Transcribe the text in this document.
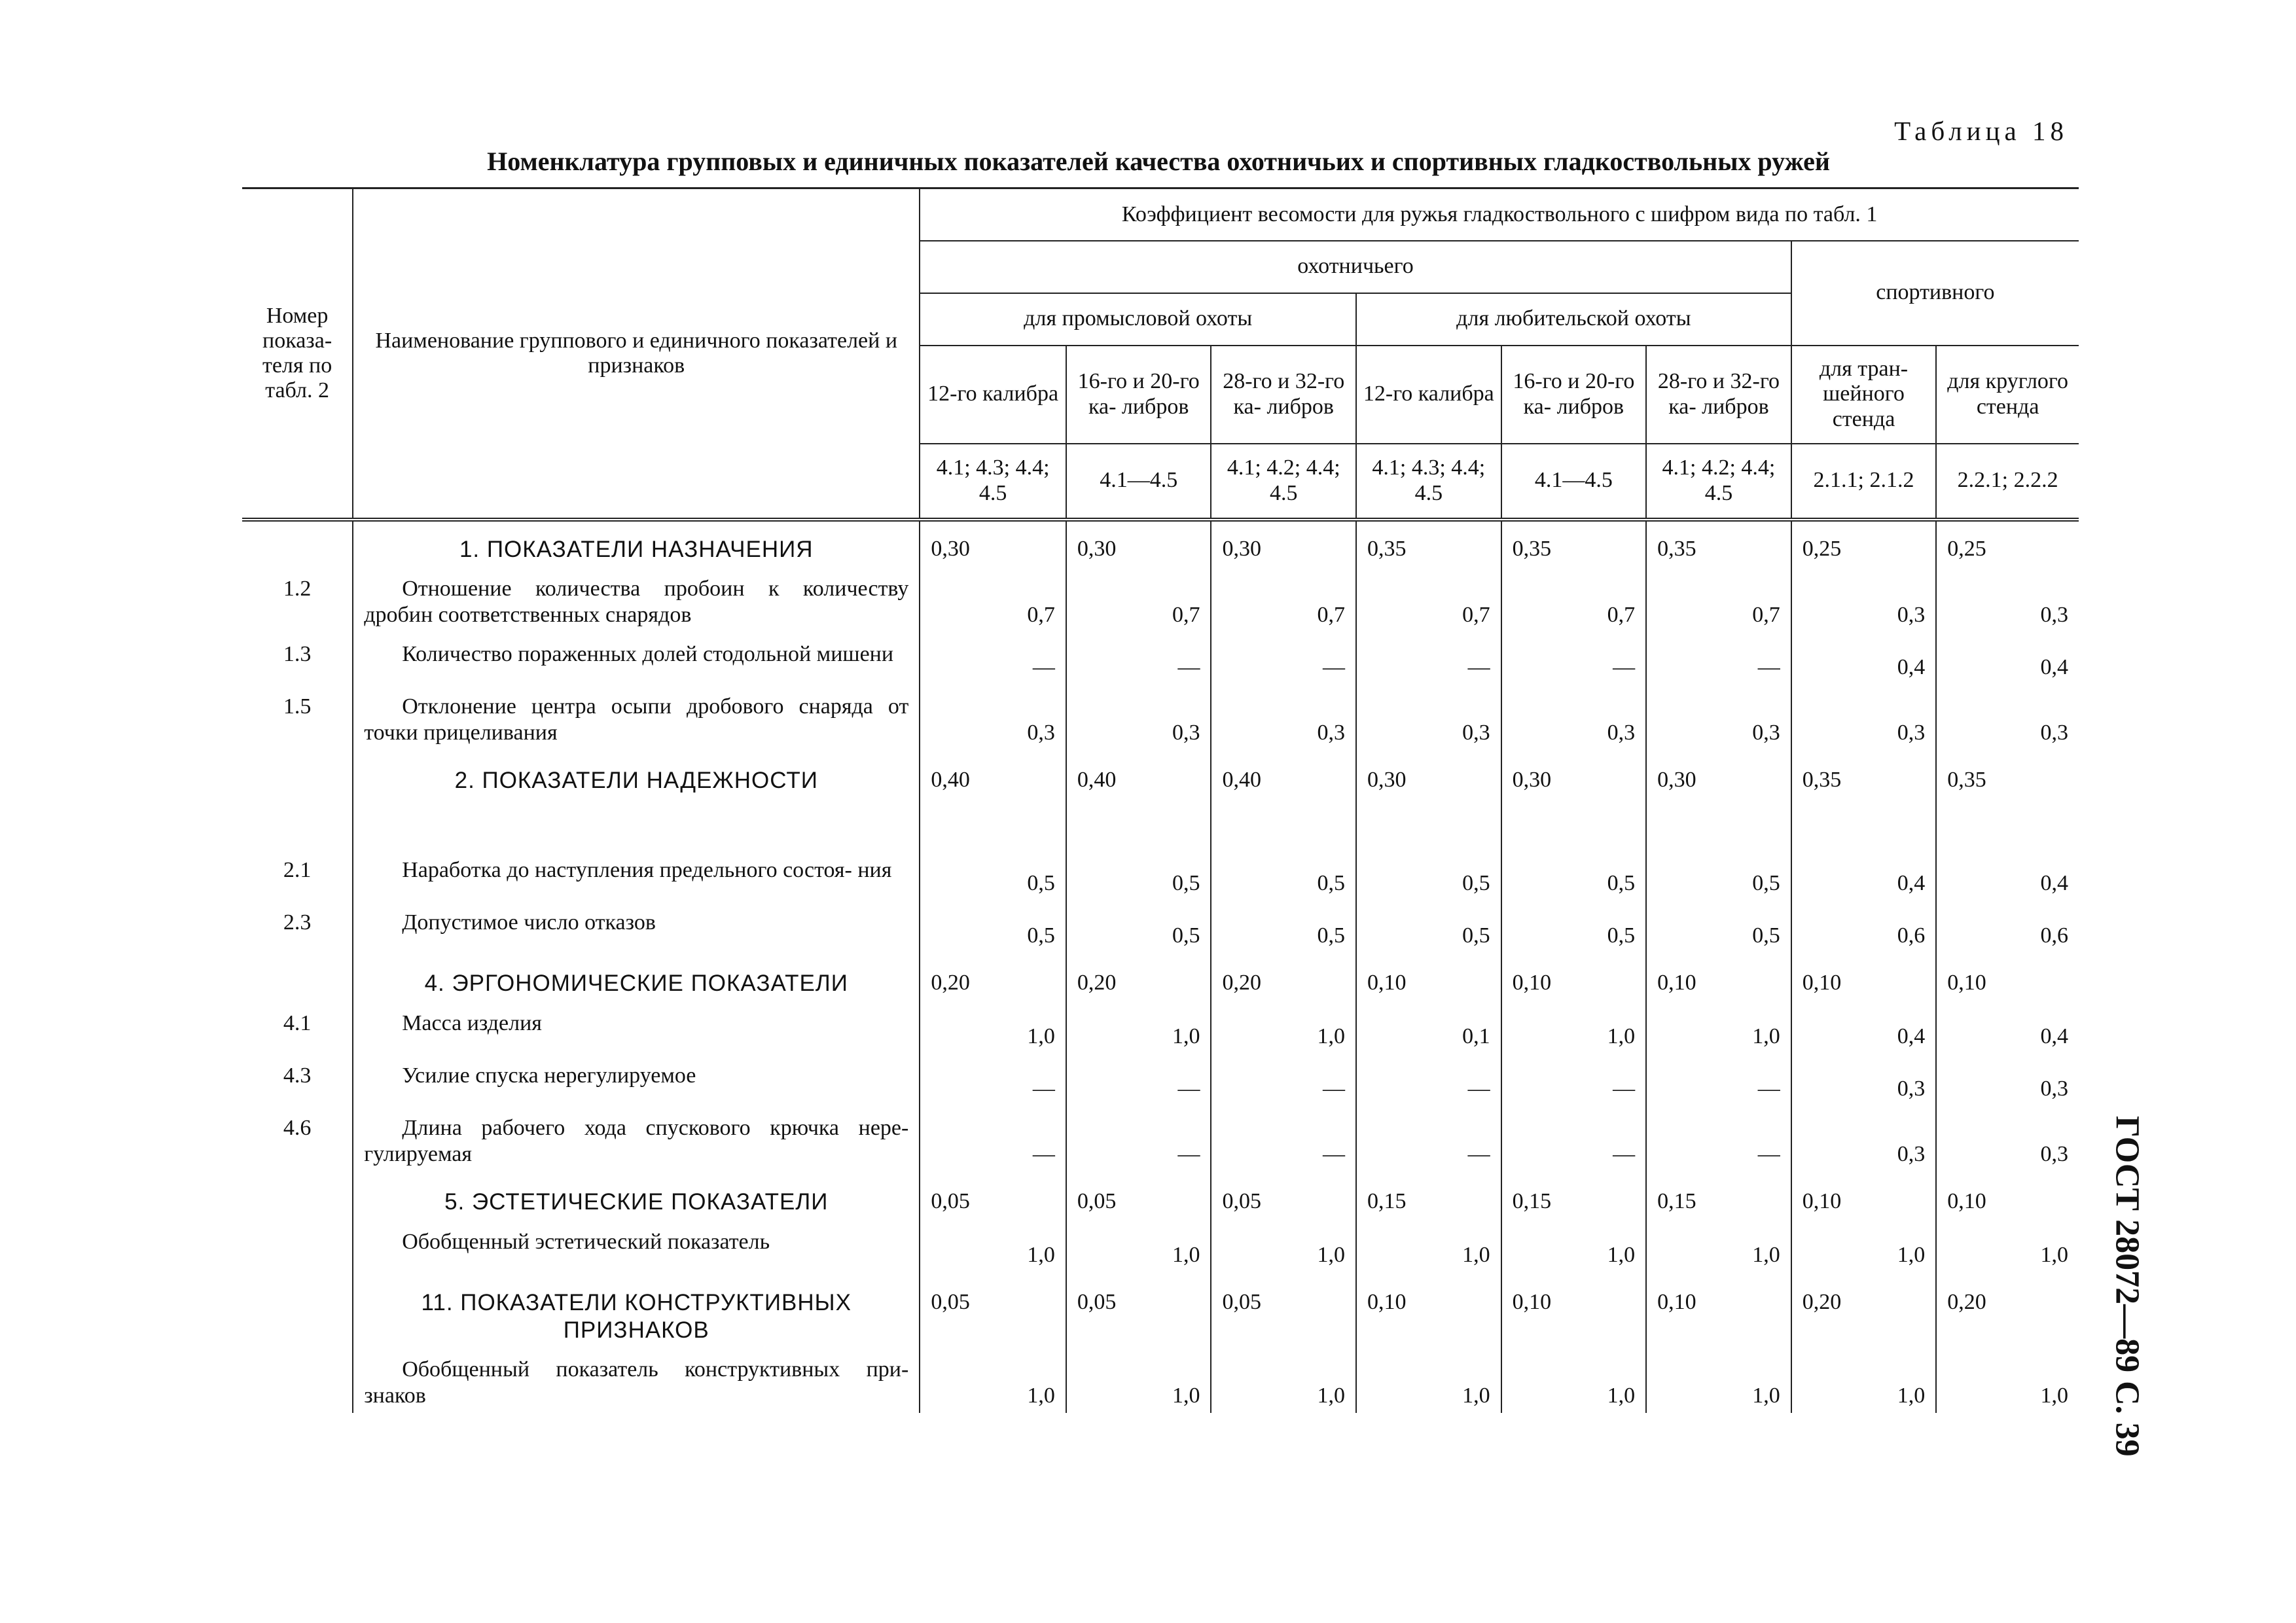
Таблица 18
Номенклатура групповых и единичных показателей качества охотничьих и спортивных гладкоствольных ружей
ГОСТ 28072—89 С. 39
Номер показа- теля по табл. 2	Наименование группового и единичного показателей и признаков	Коэффициент весомости для ружья гладкоствольного с шифром вида по табл. 1							
		охотничьего						спортивного	
		для промысловой охоты			для любительской охоты				
		12-го калибра	16-го и 20-го ка- либров	28-го и 32-го ка- либров	12-го калибра	16-го и 20-го ка- либров	28-го и 32-го ка- либров	для тран- шейного стенда	для круглого стенда
		4.1; 4.3; 4.4; 4.5	4.1—4.5	4.1; 4.2; 4.4; 4.5	4.1; 4.3; 4.4; 4.5	4.1—4.5	4.1; 4.2; 4.4; 4.5	2.1.1; 2.1.2	2.2.1; 2.2.2
	1. ПОКАЗАТЕЛИ НАЗНАЧЕНИЯ	0,30	0,30	0,30	0,35	0,35	0,35	0,25	0,25
1.2	Отношение количества пробоин к количеству дробин соответственных снарядов	0,7	0,7	0,7	0,7	0,7	0,7	0,3	0,3
1.3	Количество пораженных долей стодольной мишени	—	—	—	—	—	—	0,4	0,4
1.5	Отклонение центра осыпи дробового снаряда от точки прицеливания	0,3	0,3	0,3	0,3	0,3	0,3	0,3	0,3
	2. ПОКАЗАТЕЛИ НАДЕЖНОСТИ	0,40	0,40	0,40	0,30	0,30	0,30	0,35	0,35
2.1	Наработка до наступления предельного состоя- ния	0,5	0,5	0,5	0,5	0,5	0,5	0,4	0,4
2.3	Допустимое число отказов	0,5	0,5	0,5	0,5	0,5	0,5	0,6	0,6
	4. ЭРГОНОМИЧЕСКИЕ ПОКАЗАТЕЛИ	0,20	0,20	0,20	0,10	0,10	0,10	0,10	0,10
4.1	Масса изделия	1,0	1,0	1,0	0,1	1,0	1,0	0,4	0,4
4.3	Усилие спуска нерегулируемое	—	—	—	—	—	—	0,3	0,3
4.6	Длина рабочего хода спускового крючка нере- гулируемая	—	—	—	—	—	—	0,3	0,3
	5. ЭСТЕТИЧЕСКИЕ ПОКАЗАТЕЛИ	0,05	0,05	0,05	0,15	0,15	0,15	0,10	0,10
	Обобщенный эстетический показатель	1,0	1,0	1,0	1,0	1,0	1,0	1,0	1,0
	11. ПОКАЗАТЕЛИ КОНСТРУКТИВНЫХ ПРИЗНАКОВ	0,05	0,05	0,05	0,10	0,10	0,10	0,20	0,20
	Обобщенный показатель конструктивных при- знаков	1,0	1,0	1,0	1,0	1,0	1,0	1,0	1,0
